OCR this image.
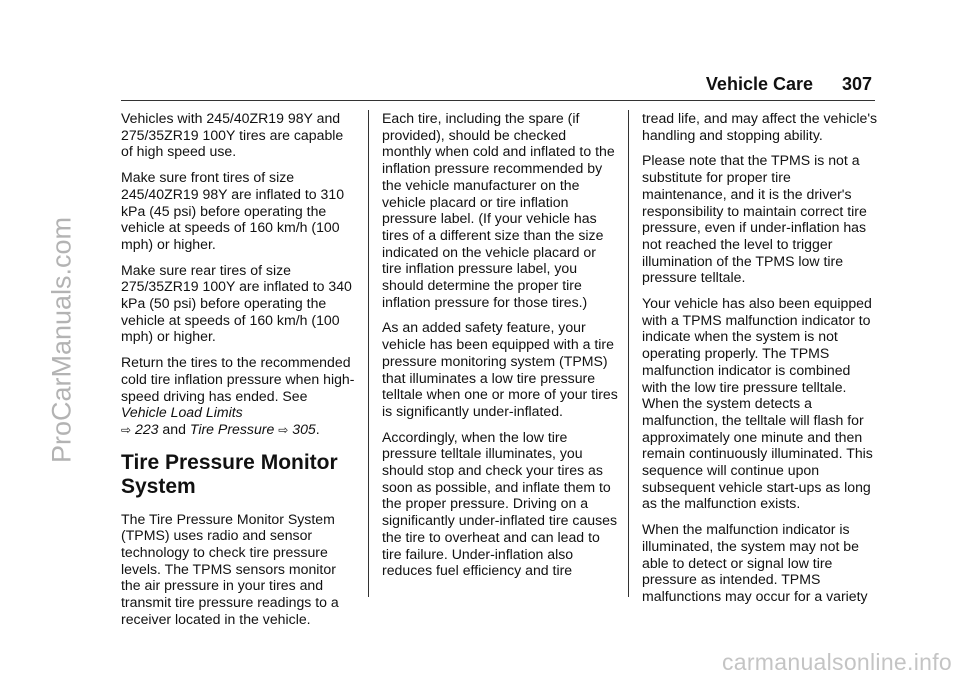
ProCarManuals.com
Vehicle Care 307

Vehicles with 245/40ZR19 98Y and 275/35ZR19 100Y tires are capable of high speed use.

Make sure front tires of size 245/40ZR19 98Y are inflated to 310 kPa (45 psi) before operating the vehicle at speeds of 160 km/h (100 mph) or higher.

Make sure rear tires of size 275/35ZR19 100Y are inflated to 340 kPa (50 psi) before operating the vehicle at speeds of 160 km/h (100 mph) or higher.

Return the tires to the recommended cold tire inflation pressure when high-speed driving has ended. See Vehicle Load Limits
⇨ 223 and Tire Pressure ⇨ 305.

Tire Pressure Monitor System

The Tire Pressure Monitor System (TPMS) uses radio and sensor technology to check tire pressure levels. The TPMS sensors monitor the air pressure in your tires and transmit tire pressure readings to a receiver located in the vehicle.

Each tire, including the spare (if provided), should be checked monthly when cold and inflated to the inflation pressure recommended by the vehicle manufacturer on the vehicle placard or tire inflation pressure label. (If your vehicle has tires of a different size than the size indicated on the vehicle placard or tire inflation pressure label, you should determine the proper tire inflation pressure for those tires.)

As an added safety feature, your vehicle has been equipped with a tire pressure monitoring system (TPMS) that illuminates a low tire pressure telltale when one or more of your tires is significantly under-inflated.

Accordingly, when the low tire pressure telltale illuminates, you should stop and check your tires as soon as possible, and inflate them to the proper pressure. Driving on a significantly under-inflated tire causes the tire to overheat and can lead to tire failure. Under-inflation also reduces fuel efficiency and tire

tread life, and may affect the vehicle's handling and stopping ability.

Please note that the TPMS is not a substitute for proper tire maintenance, and it is the driver's responsibility to maintain correct tire pressure, even if under-inflation has not reached the level to trigger illumination of the TPMS low tire pressure telltale.

Your vehicle has also been equipped with a TPMS malfunction indicator to indicate when the system is not operating properly. The TPMS malfunction indicator is combined with the low tire pressure telltale. When the system detects a malfunction, the telltale will flash for approximately one minute and then remain continuously illuminated. This sequence will continue upon subsequent vehicle start-ups as long as the malfunction exists.

When the malfunction indicator is illuminated, the system may not be able to detect or signal low tire pressure as intended. TPMS malfunctions may occur for a variety

carmanualsonline.info
